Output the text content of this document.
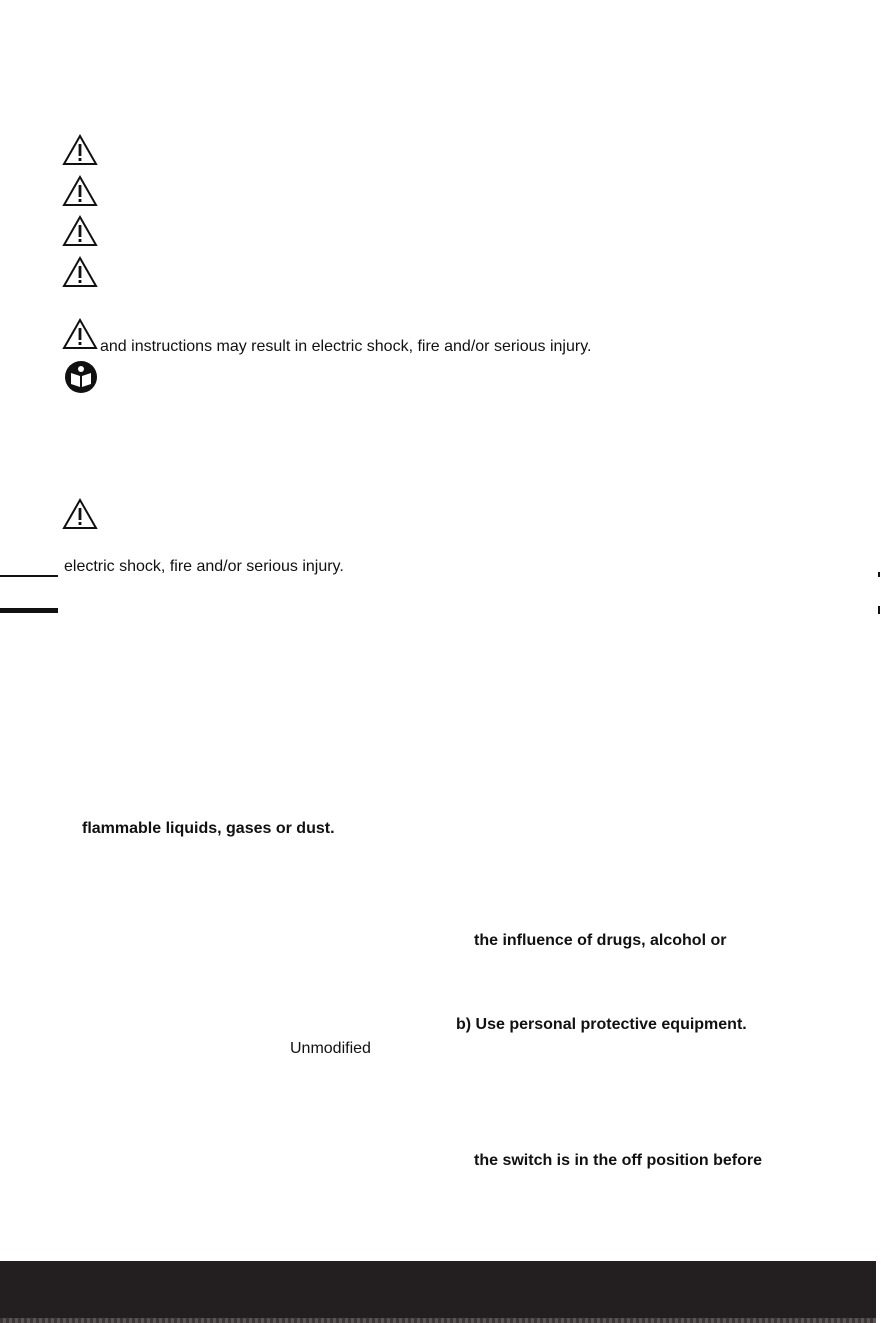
and instructions may result in electric shock, fire and/or serious injury.
electric shock, fire and/or serious injury.
flammable liquids, gases or dust.
the influence of drugs, alcohol or
b) Use personal protective equipment.
Unmodified
the switch is in the off position before
